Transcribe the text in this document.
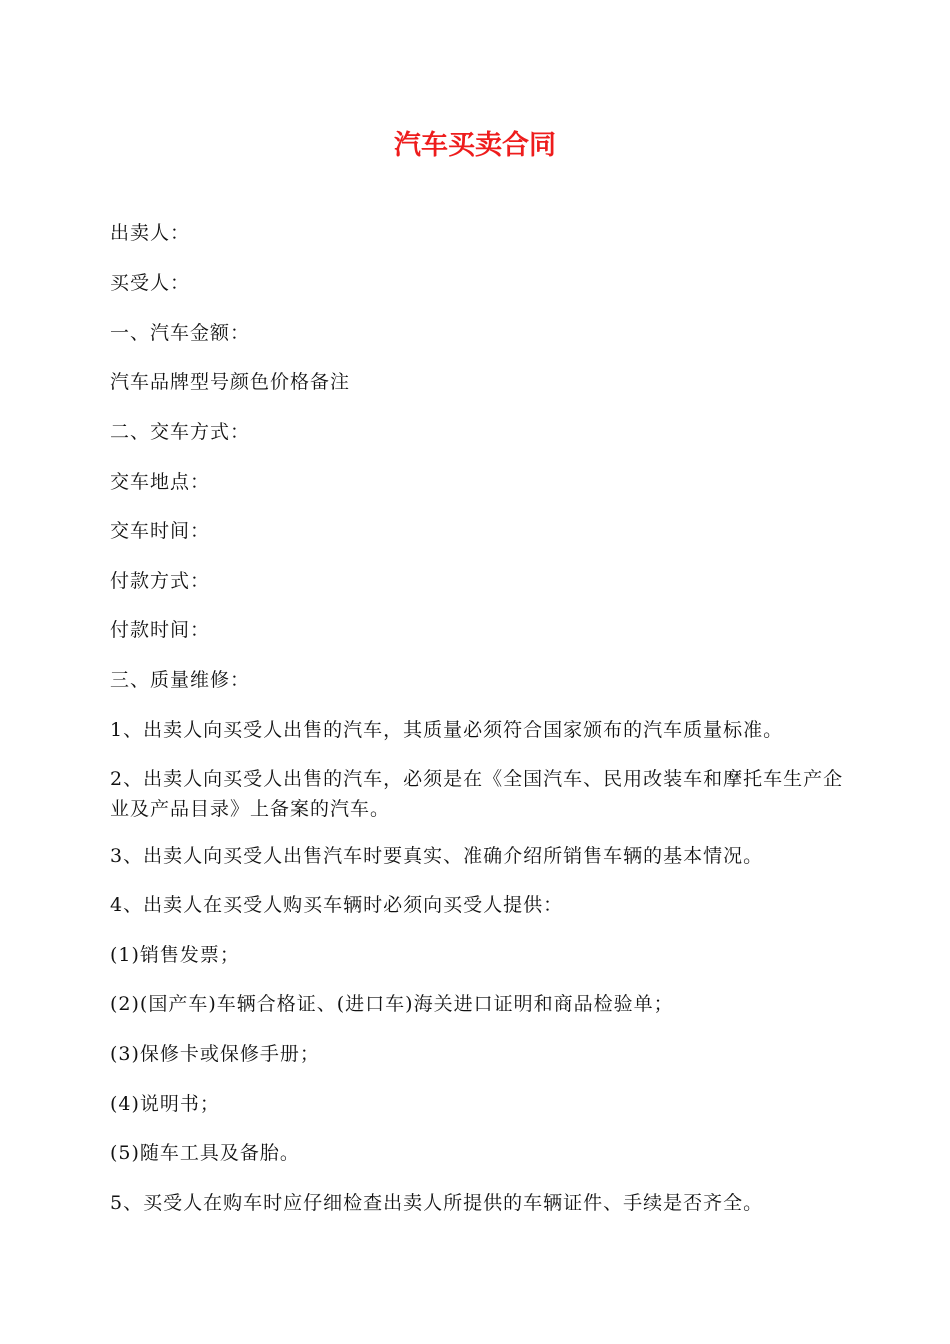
汽车买卖合同
出卖人：
买受人：
一、汽车金额：
汽车品牌型号颜色价格备注
二、交车方式：
交车地点：
交车时间：
付款方式：
付款时间：
三、质量维修：
1、出卖人向买受人出售的汽车，其质量必须符合国家颁布的汽车质量标准。
2、出卖人向买受人出售的汽车，必须是在《全国汽车、民用改装车和摩托车生产企业及产品目录》上备案的汽车。
3、出卖人向买受人出售汽车时要真实、准确介绍所销售车辆的基本情况。
4、出卖人在买受人购买车辆时必须向买受人提供：
(1)销售发票；
(2)(国产车)车辆合格证、(进口车)海关进口证明和商品检验单；
(3)保修卡或保修手册；
(4)说明书；
(5)随车工具及备胎。
5、买受人在购车时应仔细检查出卖人所提供的车辆证件、手续是否齐全。
